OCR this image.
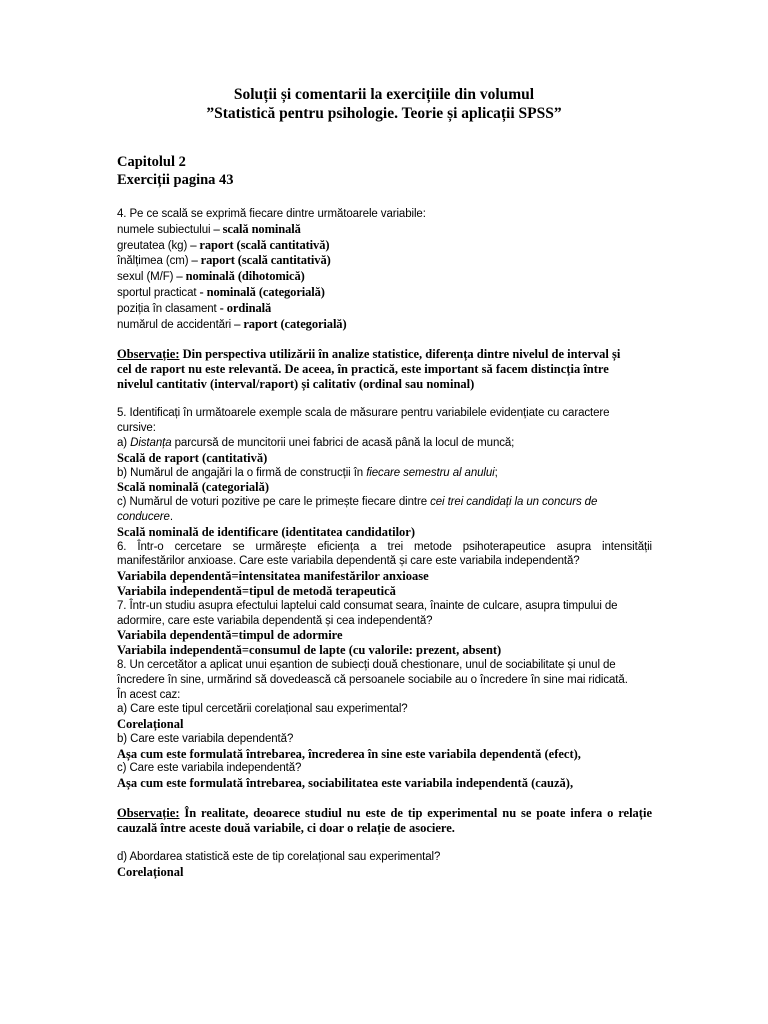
Soluții și comentarii la exercițiile din volumul
”Statistică pentru psihologie. Teorie și aplicații SPSS”
Capitolul 2
Exerciții pagina 43
4. Pe ce scală se exprimă fiecare dintre următoarele variabile:
numele subiectului – scală nominală
greutatea (kg) – raport (scală cantitativă)
înălțimea (cm) – raport (scală cantitativă)
sexul (M/F) – nominală (dihotomică)
sportul practicat - nominală (categorială)
poziția în clasament - ordinală
numărul de accidentări – raport (categorială)
Observație: Din perspectiva utilizării în analize statistice, diferența dintre nivelul de interval și
cel de raport nu este relevantă. De aceea, în practică, este important să facem distincția între
nivelul cantitativ (interval/raport) și calitativ (ordinal sau nominal)
5. Identificați în următoarele exemple scala de măsurare pentru variabilele evidențiate cu caractere
cursive:
a) Distanța parcursă de muncitorii unei fabrici de acasă până la locul de muncă;
Scală de raport (cantitativă)
b) Numărul de angajări la o firmă de construcții în fiecare semestru al anului;
Scală nominală (categorială)
c) Numărul de voturi pozitive pe care le primește fiecare dintre cei trei candidați la un concurs de
conducere.
Scală nominală de identificare (identitatea candidatilor)
6. Într-o cercetare se urmărește eficiența a trei metode psihoterapeutice asupra intensității
manifestărilor anxioase. Care este variabila dependentă și care este variabila independentă?
Variabila dependentă=intensitatea manifestărilor anxioase
Variabila independentă=tipul de metodă terapeutică
7. Într-un studiu asupra efectului laptelui cald consumat seara, înainte de culcare, asupra timpului de
adormire, care este variabila dependentă și cea independentă?
Variabila dependentă=timpul de adormire
Variabila independentă=consumul de lapte (cu valorile: prezent, absent)
8. Un cercetător a aplicat unui eșantion de subiecți două chestionare, unul de sociabilitate și unul de
încredere în sine, urmărind să dovedească că persoanele sociabile au o încredere în sine mai ridicată.
În acest caz:
a) Care este tipul cercetării corelațional sau experimental?
Corelațional
b) Care este variabila dependentă?
Așa cum este formulată întrebarea, încrederea în sine este variabila dependentă (efect),
c) Care este variabila independentă?
Așa cum este formulată întrebarea, sociabilitatea este variabila independentă (cauză),
Observație: În realitate, deoarece studiul nu este de tip experimental nu se poate infera o relație
cauzală între aceste două variabile, ci doar o relație de asociere.
d) Abordarea statistică este de tip corelațional sau experimental?
Corelațional
